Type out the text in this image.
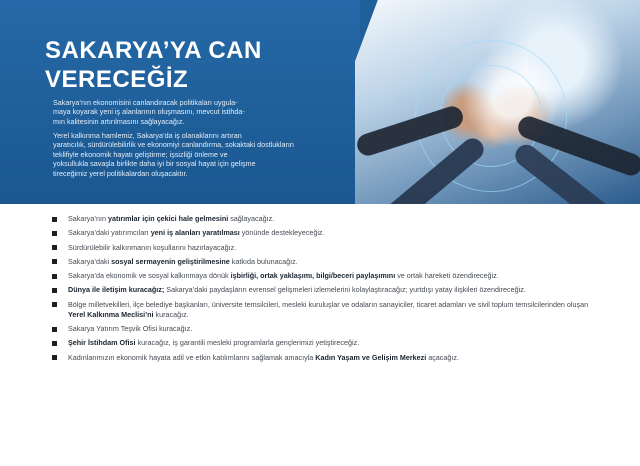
SAKARYA’YA CAN
VERECEĞİZ

Sakarya’nın ekonomisini canlandıracak politikaları uygula-
maya koyarak yeni iş alanlarının oluşmasını, mevcut istihda-
mın kalitesinin artırılmasını sağlayacağız.

Yerel kalkınma hamlemiz, Sakarya’da iş olanaklarını artıran
yaratıcılık, sürdürülebilirlik ve ekonomiyi canlandırma, sokaktaki dostlukların
teklifiyle ekonomik hayatı geliştirme; işsizliği önleme ve
yoksullukla savaşla birlikte daha iyi bir sosyal hayat için gelişme
tireceğimiz yerel politikalardan oluşacaktır.

Sakarya’nın yatırımlar için çekici hale gelmesini sağlayacağız.
Sakarya’daki yatırımcıları yeni iş alanları yaratılması yönünde destekleyeceğiz.
Sürdürülebilir kalkınmanın koşullarını hazırlayacağız.
Sakarya’daki sosyal sermayenin geliştirilmesine katkıda bulunacağız.
Sakarya’da ekonomik ve sosyal kalkınmaya dönük işbirliği, ortak yaklaşımı, bilgi/beceri paylaşımını ve ortak hareketi özendireceğiz.
Dünya ile iletişim kuracağız; Sakarya’daki paydaşların evrensel gelişmeleri izlemelerini kolaylaştıracağız; yurtdışı yatay ilişkileri özendireceğiz.
Bölge milletvekilleri, ilçe belediye başkanları, üniversite temsilcileri, mesleki kuruluşlar ve odaların sanayiciler, ticaret adamları ve sivil toplum temsilcilerinden oluşan Yerel Kalkınma Meclisi’ni kuracağız.
Sakarya Yatırım Teşvik Ofisi kuracağız.
Şehir İstihdam Ofisi kuracağız, iş garantili mesleki programlarla gençlerimizi yetiştireceğiz.
Kadınlarımızın ekonomik hayata adil ve etkin katılımlarını sağlamak amacıyla Kadın Yaşam ve Gelişim Merkezi açacağız.
